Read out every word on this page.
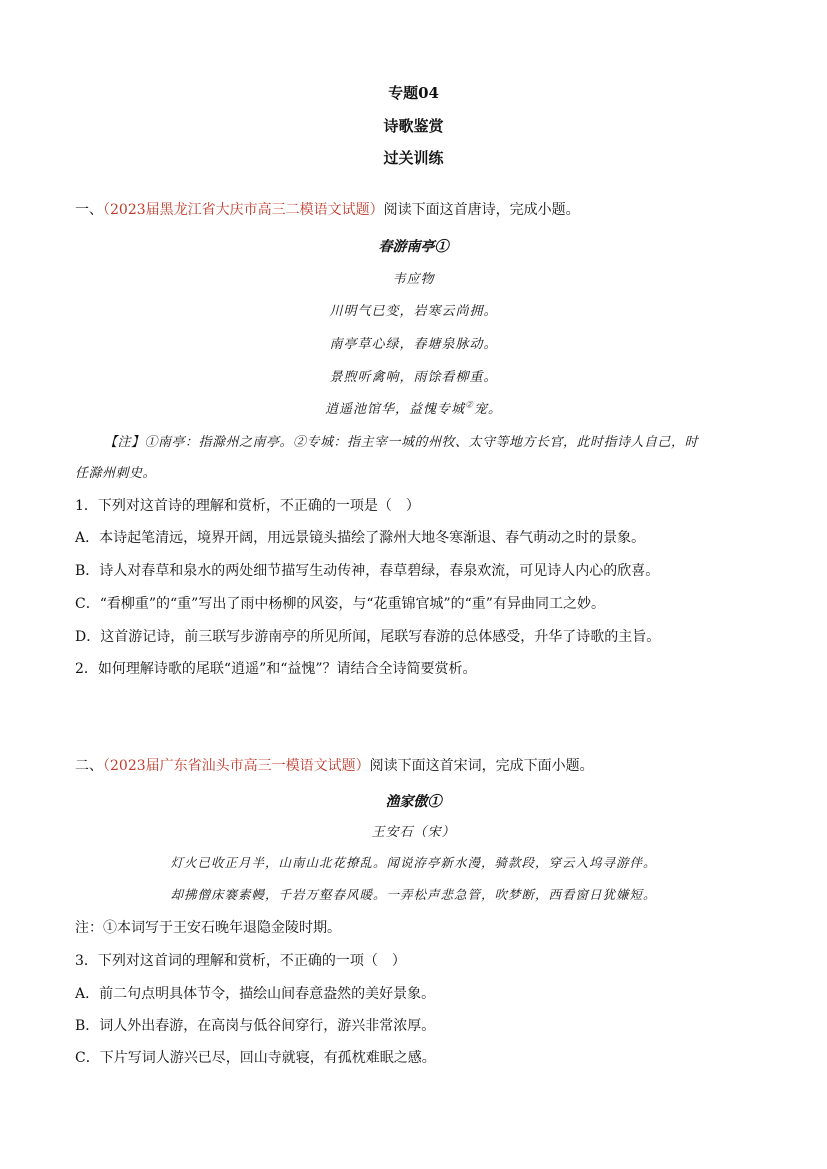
专题04
诗歌鉴赏
过关训练
一、（2023届黑龙江省大庆市高三二模语文试题）阅读下面这首唐诗，完成小题。
春游南亭①
韦应物
川明气已变，岩寒云尚拥。
南亭草心绿，春塘泉脉动。
景煦听禽响，雨馀看柳重。
逍遥池馆华，益愧专城②宠。
【注】①南亭：指滁州之南亭。②专城：指主宰一城的州牧、太守等地方长官，此时指诗人自己，时
任滁州刺史。
1．下列对这首诗的理解和赏析，不正确的一项是（　）
A．本诗起笔清远，境界开阔，用远景镜头描绘了滁州大地冬寒渐退、春气萌动之时的景象。
B．诗人对春草和泉水的两处细节描写生动传神，春草碧绿，春泉欢流，可见诗人内心的欣喜。
C．“看柳重”的“重”写出了雨中杨柳的风姿，与“花重锦官城”的“重”有异曲同工之妙。
D．这首游记诗，前三联写步游南亭的所见所闻，尾联写春游的总体感受，升华了诗歌的主旨。
2．如何理解诗歌的尾联“逍遥”和“益愧”？请结合全诗简要赏析。
二、（2023届广东省汕头市高三一模语文试题）阅读下面这首宋词，完成下面小题。
渔家傲①
王安石（宋）
灯火已收正月半，山南山北花撩乱。闻说洊亭新水漫，骑款段，穿云入坞寻游伴。
却拂僧床褰素幔，千岩万壑春风暖。一弄松声悲急管，吹梦断，西看窗日犹嫌短。
注：①本词写于王安石晚年退隐金陵时期。
3．下列对这首词的理解和赏析，不正确的一项（　）
A．前二句点明具体节令，描绘山间春意盎然的美好景象。
B．词人外出春游，在高岗与低谷间穿行，游兴非常浓厚。
C．下片写词人游兴已尽，回山寺就寝，有孤枕难眠之感。
